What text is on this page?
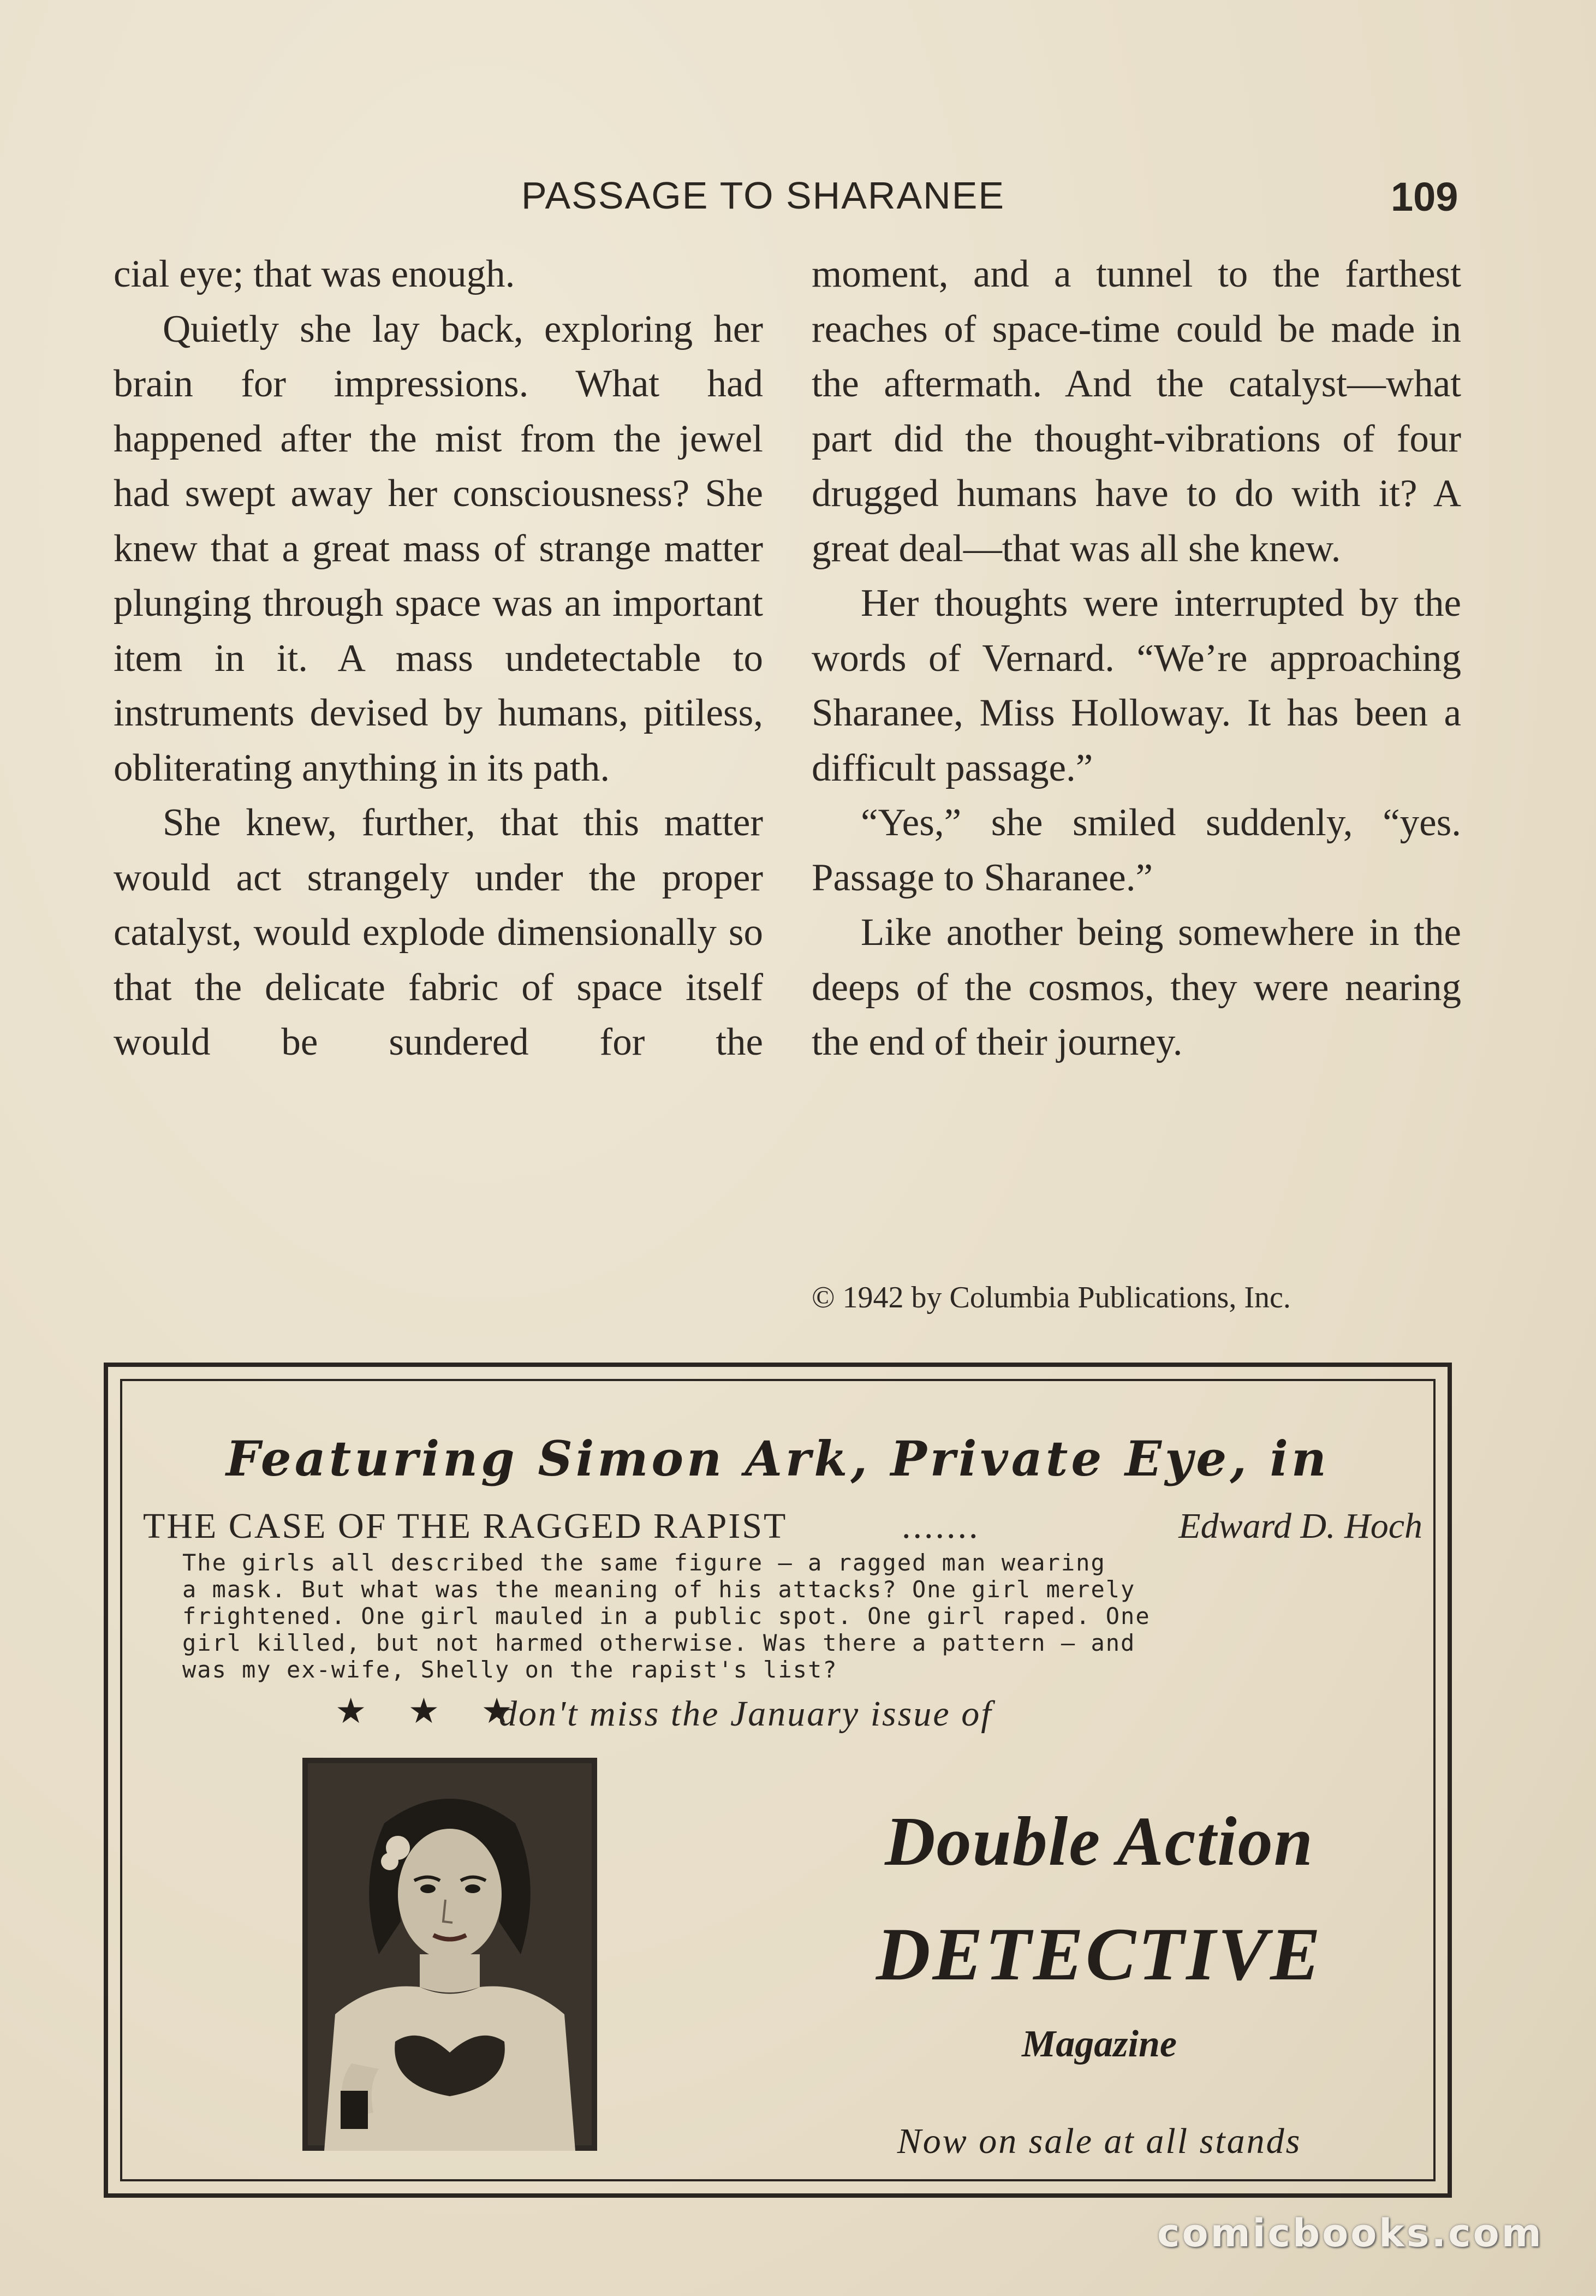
PASSAGE TO SHARANEE	109

cial eye; that was enough.

Quietly she lay back, exploring her brain for impressions. What had happened after the mist from the jewel had swept away her consciousness? She knew that a great mass of strange matter plunging through space was an important item in it. A mass undetectable to instruments devised by humans, pitiless, obliterating anything in its path.

She knew, further, that this matter would act strangely under the proper catalyst, would explode dimensionally so that the delicate fabric of space itself would be sundered for the

moment, and a tunnel to the farthest reaches of space-time could be made in the aftermath. And the catalyst—what part did the thought-vibrations of four drugged humans have to do with it? A great deal—that was all she knew.

Her thoughts were interrupted by the words of Vernard. “We’re approaching Sharanee, Miss Holloway. It has been a difficult passage.”

“Yes,” she smiled suddenly, “yes. Passage to Sharanee.”

Like another being somewhere in the deeps of the cosmos, they were nearing the end of their journey.

© 1942 by Columbia Publications, Inc.
Featuring Simon Ark, Private Eye, in
THE CASE OF THE RAGGED RAPIST	.......	Edward D. Hoch
The girls all described the same figure — a ragged man wearing
a mask. But what was the meaning of his attacks? One girl merely
frightened. One girl mauled in a public spot. One girl raped. One
girl killed, but not harmed otherwise. Was there a pattern — and
was my ex-wife, Shelly on the rapist's list?
★ ★ ★
don't miss the January issue of
Double Action
DETECTIVE
Magazine
Now on sale at all stands
comicbooks.com
